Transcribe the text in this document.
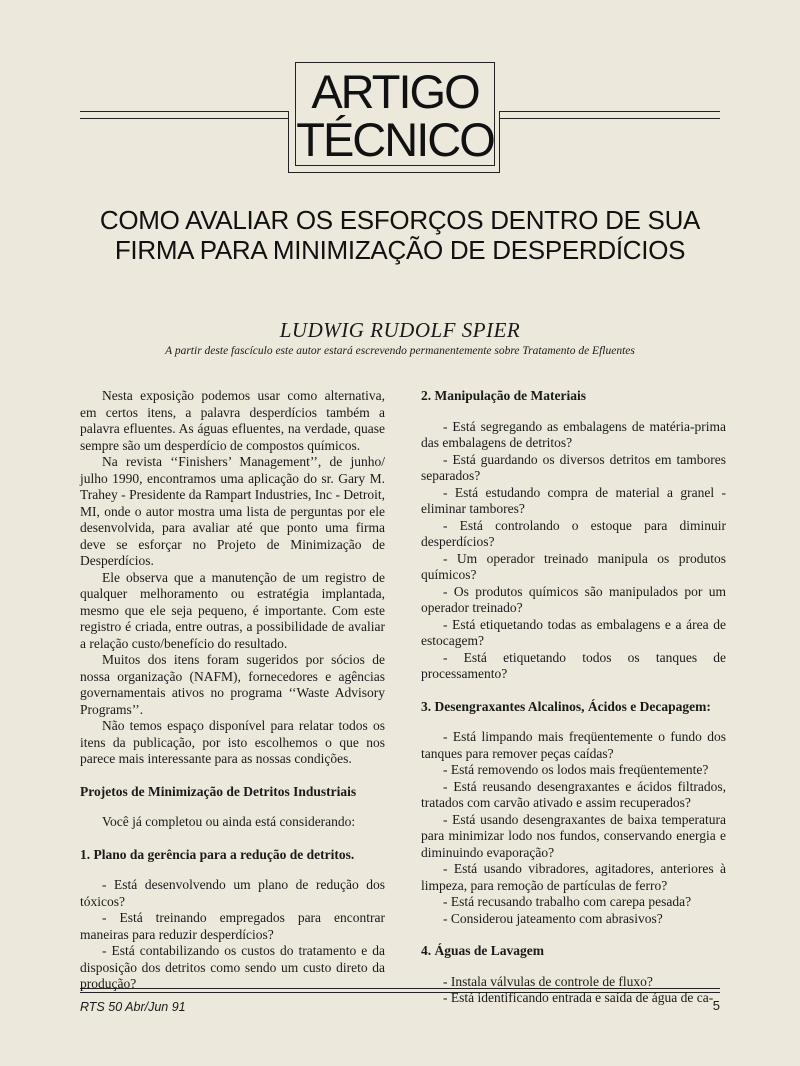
ARTIGO
TÉCNICO
COMO AVALIAR OS ESFORÇOS DENTRO DE SUA FIRMA PARA MINIMIZAÇÃO DE DESPERDÍCIOS
LUDWIG RUDOLF SPIER
A partir deste fascículo este autor estará escrevendo permanentemente sobre Tratamento de Efluentes

Nesta exposição podemos usar como alternativa, em certos itens, a palavra desperdícios também a palavra efluentes. As águas efluentes, na verdade, quase sempre são um desperdício de compostos químicos.

Na revista ‘‘Finishers’ Management’’, de junho/ julho 1990, encontramos uma aplicação do sr. Gary M. Trahey - Presidente da Rampart Industries, Inc - Detroit, MI, onde o autor mostra uma lista de perguntas por ele desenvolvida, para avaliar até que ponto uma firma deve se esforçar no Projeto de Minimização de Desperdícios.

Ele observa que a manutenção de um registro de qualquer melhoramento ou estratégia implantada, mesmo que ele seja pequeno, é importante. Com este registro é criada, entre outras, a possibilidade de avaliar a relação custo/benefício do resultado.

Muitos dos itens foram sugeridos por sócios de nossa organização (NAFM), fornecedores e agências governamentais ativos no programa ‘‘Waste Advisory Programs’’.

Não temos espaço disponível para relatar todos os itens da publicação, por isto escolhemos o que nos parece mais interessante para as nossas condições.

Projetos de Minimização de Detritos Industriais

Você já completou ou ainda está considerando:

1. Plano da gerência para a redução de detritos.

- Está desenvolvendo um plano de redução dos tóxicos?

- Está treinando empregados para encontrar maneiras para reduzir desperdícios?

- Está contabilizando os custos do tratamento e da disposição dos detritos como sendo um custo direto da produção?

2. Manipulação de Materiais

- Está segregando as embalagens de matéria-prima das embalagens de detritos?

- Está guardando os diversos detritos em tambores separados?

- Está estudando compra de material a granel - eliminar tambores?

- Está controlando o estoque para diminuir desperdícios?

- Um operador treinado manipula os produtos químicos?

- Os produtos químicos são manipulados por um operador treinado?

- Está etiquetando todas as embalagens e a área de estocagem?

- Está etiquetando todos os tanques de processamento?

3. Desengraxantes Alcalinos, Ácidos e Decapagem:

- Está limpando mais freqüentemente o fundo dos tanques para remover peças caídas?

- Está removendo os lodos mais freqüentemente?

- Está reusando desengraxantes e ácidos filtrados, tratados com carvão ativado e assim recuperados?

- Está usando desengraxantes de baixa temperatura para minimizar lodo nos fundos, conservando energia e diminuindo evaporação?

- Está usando vibradores, agitadores, anteriores à limpeza, para remoção de partículas de ferro?

- Está recusando trabalho com carepa pesada?

- Considerou jateamento com abrasivos?

4. Águas de Lavagem

- Instala válvulas de controle de fluxo?

- Está identificando entrada e saída de água de ca-

RTS 50 Abr/Jun 91	5
